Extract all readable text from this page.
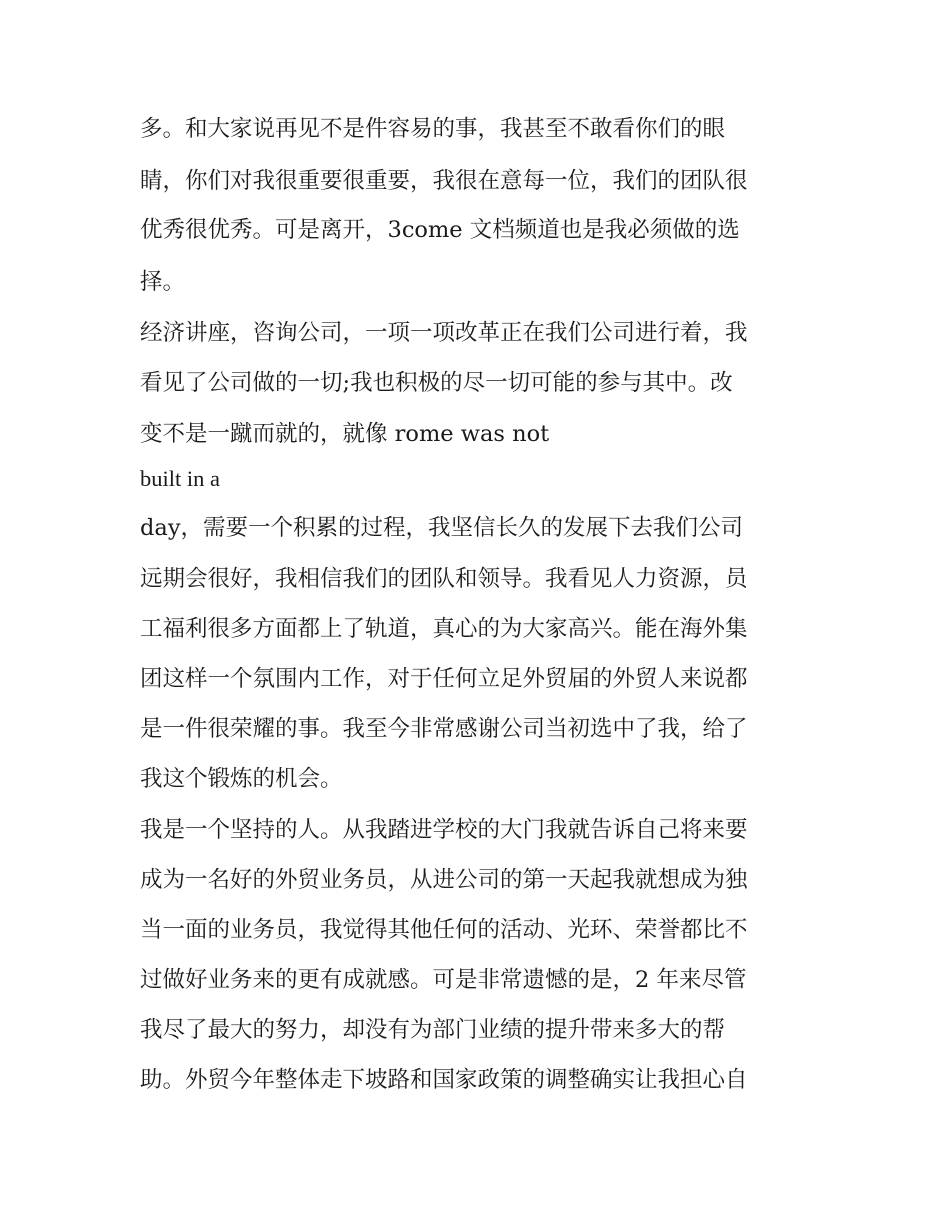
多。和大家说再见不是件容易的事，我甚至不敢看你们的眼

睛，你们对我很重要很重要，我很在意每一位，我们的团队很

优秀很优秀。可是离开，3come 文档频道也是我必须做的选

择。

经济讲座，咨询公司，一项一项改革正在我们公司进行着，我

看见了公司做的一切;我也积极的尽一切可能的参与其中。改

变不是一蹴而就的，就像 rome was not

built in a

day，需要一个积累的过程，我坚信长久的发展下去我们公司

远期会很好，我相信我们的团队和领导。我看见人力资源，员

工福利很多方面都上了轨道，真心的为大家高兴。能在海外集

团这样一个氛围内工作，对于任何立足外贸届的外贸人来说都

是一件很荣耀的事。我至今非常感谢公司当初选中了我，给了

我这个锻炼的机会。

我是一个坚持的人。从我踏进学校的大门我就告诉自己将来要

成为一名好的外贸业务员，从进公司的第一天起我就想成为独

当一面的业务员，我觉得其他任何的活动、光环、荣誉都比不

过做好业务来的更有成就感。可是非常遗憾的是，2 年来尽管

我尽了最大的努力，却没有为部门业绩的提升带来多大的帮

助。外贸今年整体走下坡路和国家政策的调整确实让我担心自
